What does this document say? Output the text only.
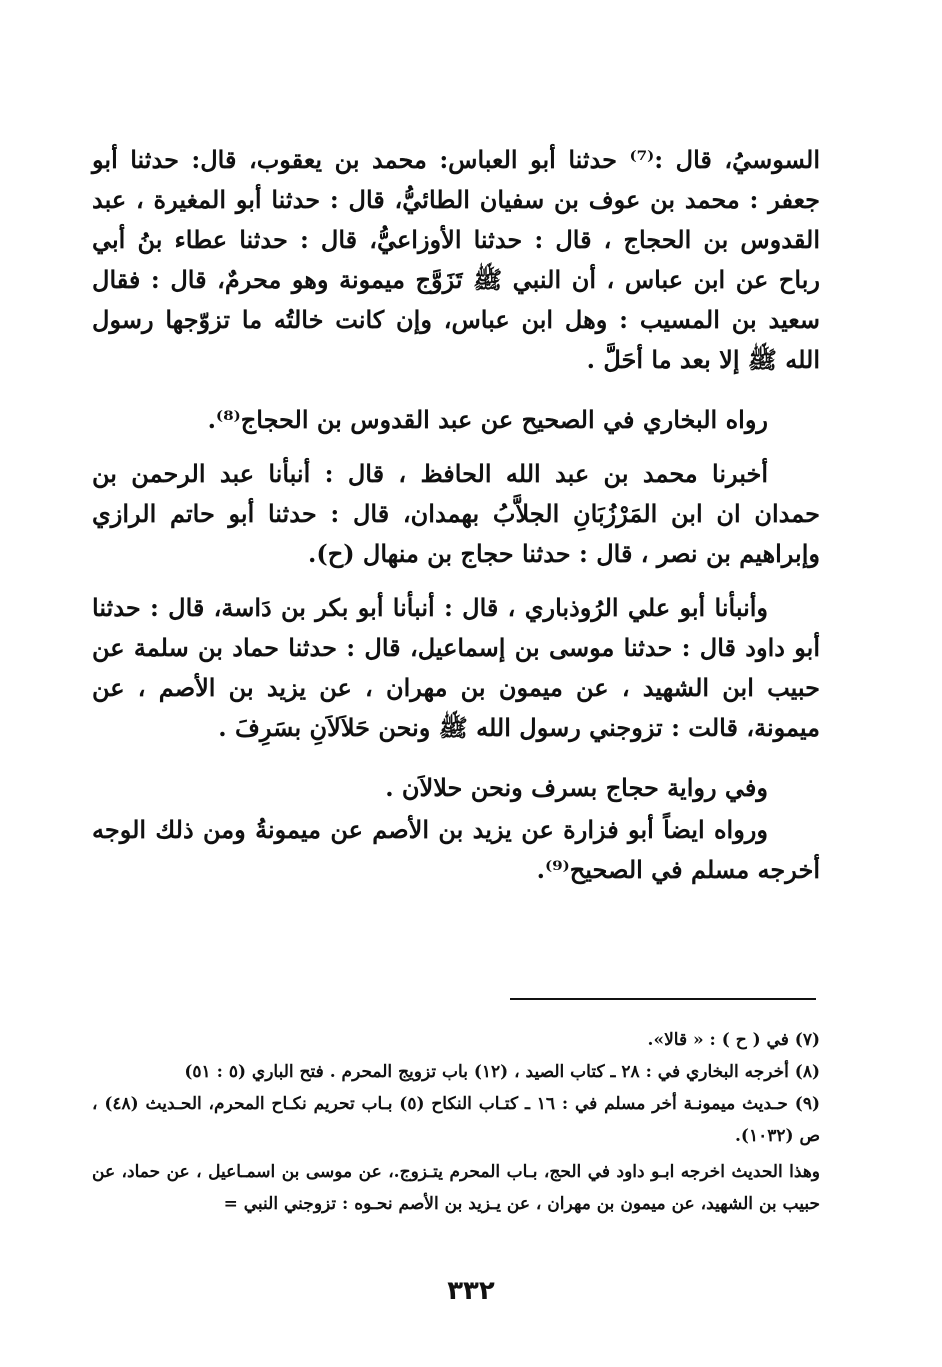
السوسيُ، قال :⁽⁷⁾ حدثنا أبو العباس: محمد بن يعقوب، قال: حدثنا أبو جعفر : محمد بن عوف بن سفيان الطائيُّ، قال : حدثنا أبو المغيرة ، عبد القدوس بن الحجاج ، قال : حدثنا الأوزاعيُّ، قال : حدثنا عطاء بنُ أبي رباح عن ابن عباس ، أن النبي ﷺ تَزَوَّج ميمونة وهو محرمٌ، قال : فقال سعيد بن المسيب : وهل ابن عباس، وإن كانت خالتُه ما تزوّجها رسول الله ﷺ إلا بعد ما أحَلَّ .

رواه البخاري في الصحيح عن عبد القدوس بن الحجاج⁽⁸⁾.

أخبرنا محمد بن عبد الله الحافظ ، قال : أنبأنا عبد الرحمن بن حمدان ان ابن المَرْزُبَانِ الجلاَّبُ بهمدان، قال : حدثنا أبو حاتم الرازي وإبراهيم بن نصر ، قال : حدثنا حجاج بن منهال (ح).

وأنبأنا أبو علي الرُوذباري ، قال : أنبأنا أبو بكر بن دَاسة، قال : حدثنا أبو داود قال : حدثنا موسى بن إسماعيل، قال : حدثنا حماد بن سلمة عن حبيب ابن الشهيد ، عن ميمون بن مهران ، عن يزيد بن الأصم ، عن ميمونة، قالت : تزوجني رسول الله ﷺ ونحن حَلاَلاَنِ بسَرِفَ .

وفي رواية حجاج بسرف ونحن حلالاَن .

ورواه ايضاً أبو فزارة عن يزيد بن الأصم عن ميمونةُ ومن ذلك الوجه أخرجه مسلم في الصحيح⁽⁹⁾.

(٧) في ( ح ) : « قالا».

(٨) أخرجه البخاري في : ٢٨ ـ كتاب الصيد ، (١٢) باب تزويج المحرم . فتح الباري (٥ : ٥١)

(٩) حـديث ميمونـة أخر مسلم في : ١٦ ـ كتـاب النكاح (٥) بـاب تحريم نكـاح المحرم، الحـديث (٤٨) ، ص (١٠٣٢).

وهذا الحديث اخرجه ابـو داود في الحج، بـاب المحرم يتـزوج.، عن موسى بن اسمـاعيل ، عن حماد، عن حبيب بن الشهيد، عن ميمون بن مهران ، عن يـزيد بن الأصم نحـوه : تزوجني النبي =

٣٣٢
